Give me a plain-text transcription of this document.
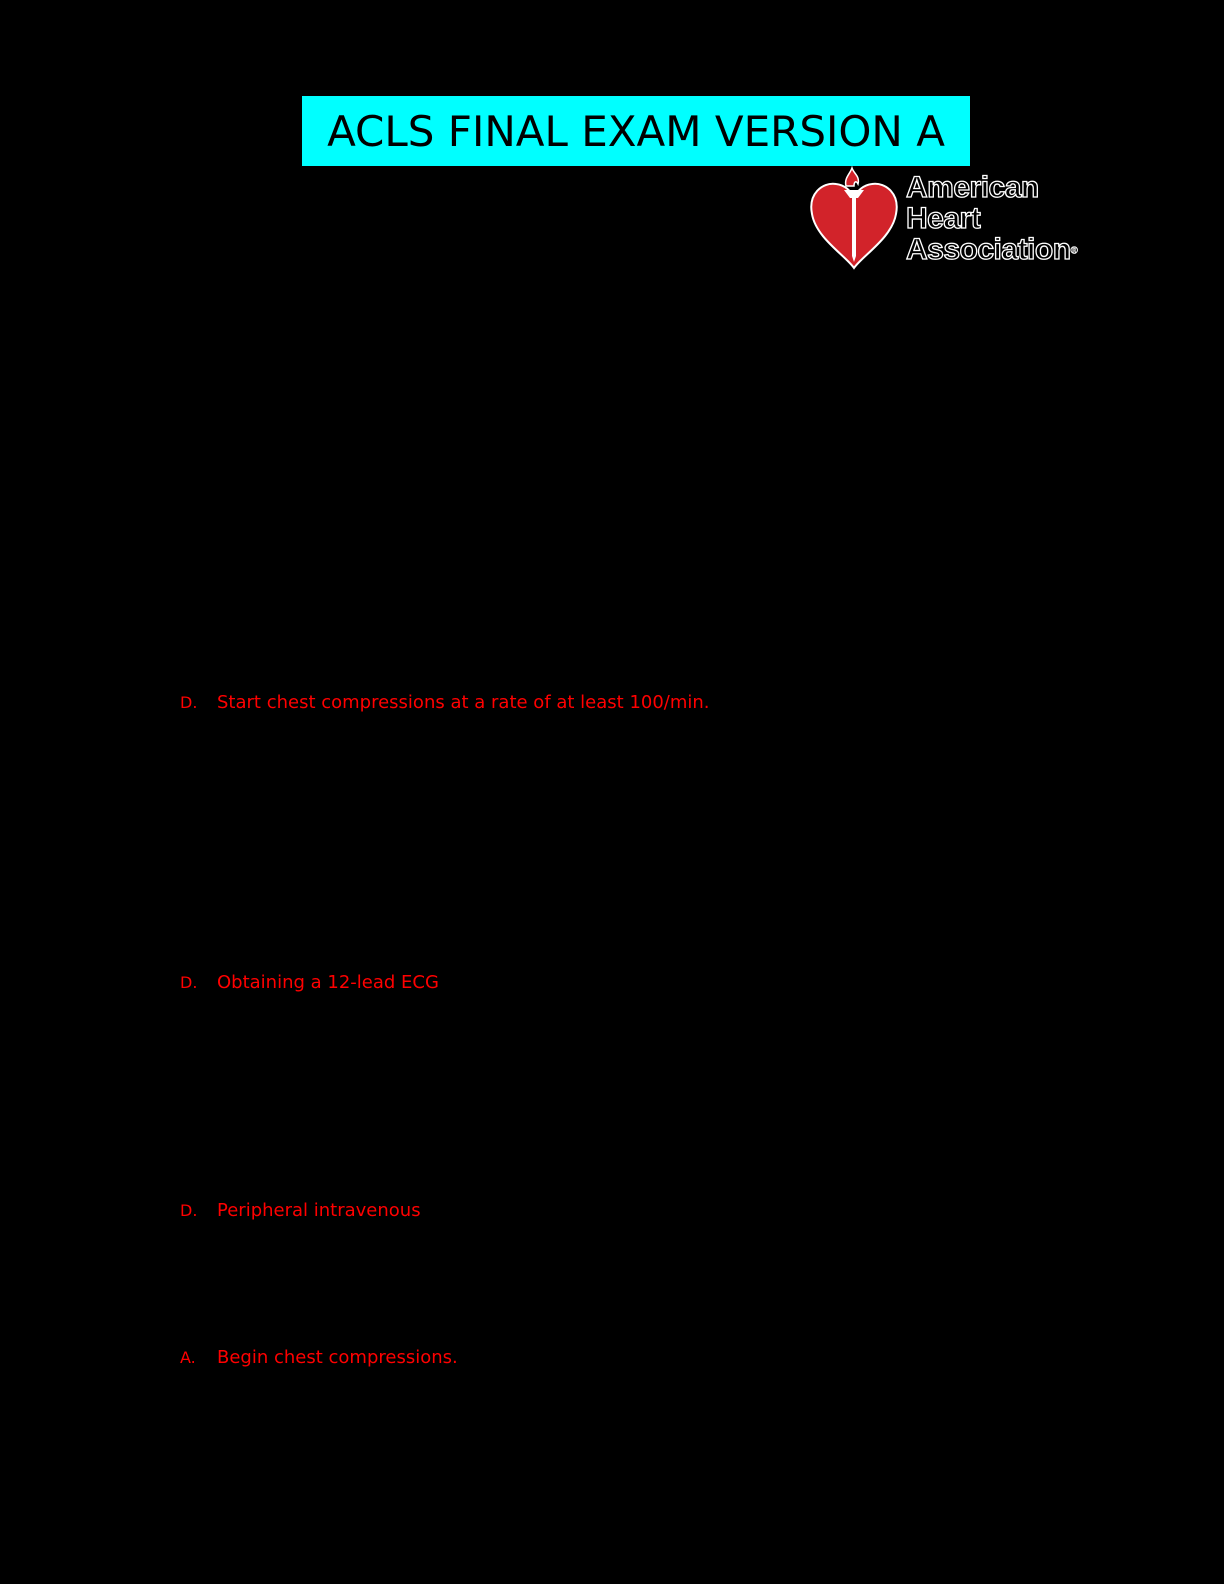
ACLS FINAL EXAM VERSION A
American
Heart
Association®
D.	Start chest compressions at a rate of at least 100/min.
D.	Obtaining a 12-lead ECG
D.	Peripheral intravenous
A.	Begin chest compressions.
